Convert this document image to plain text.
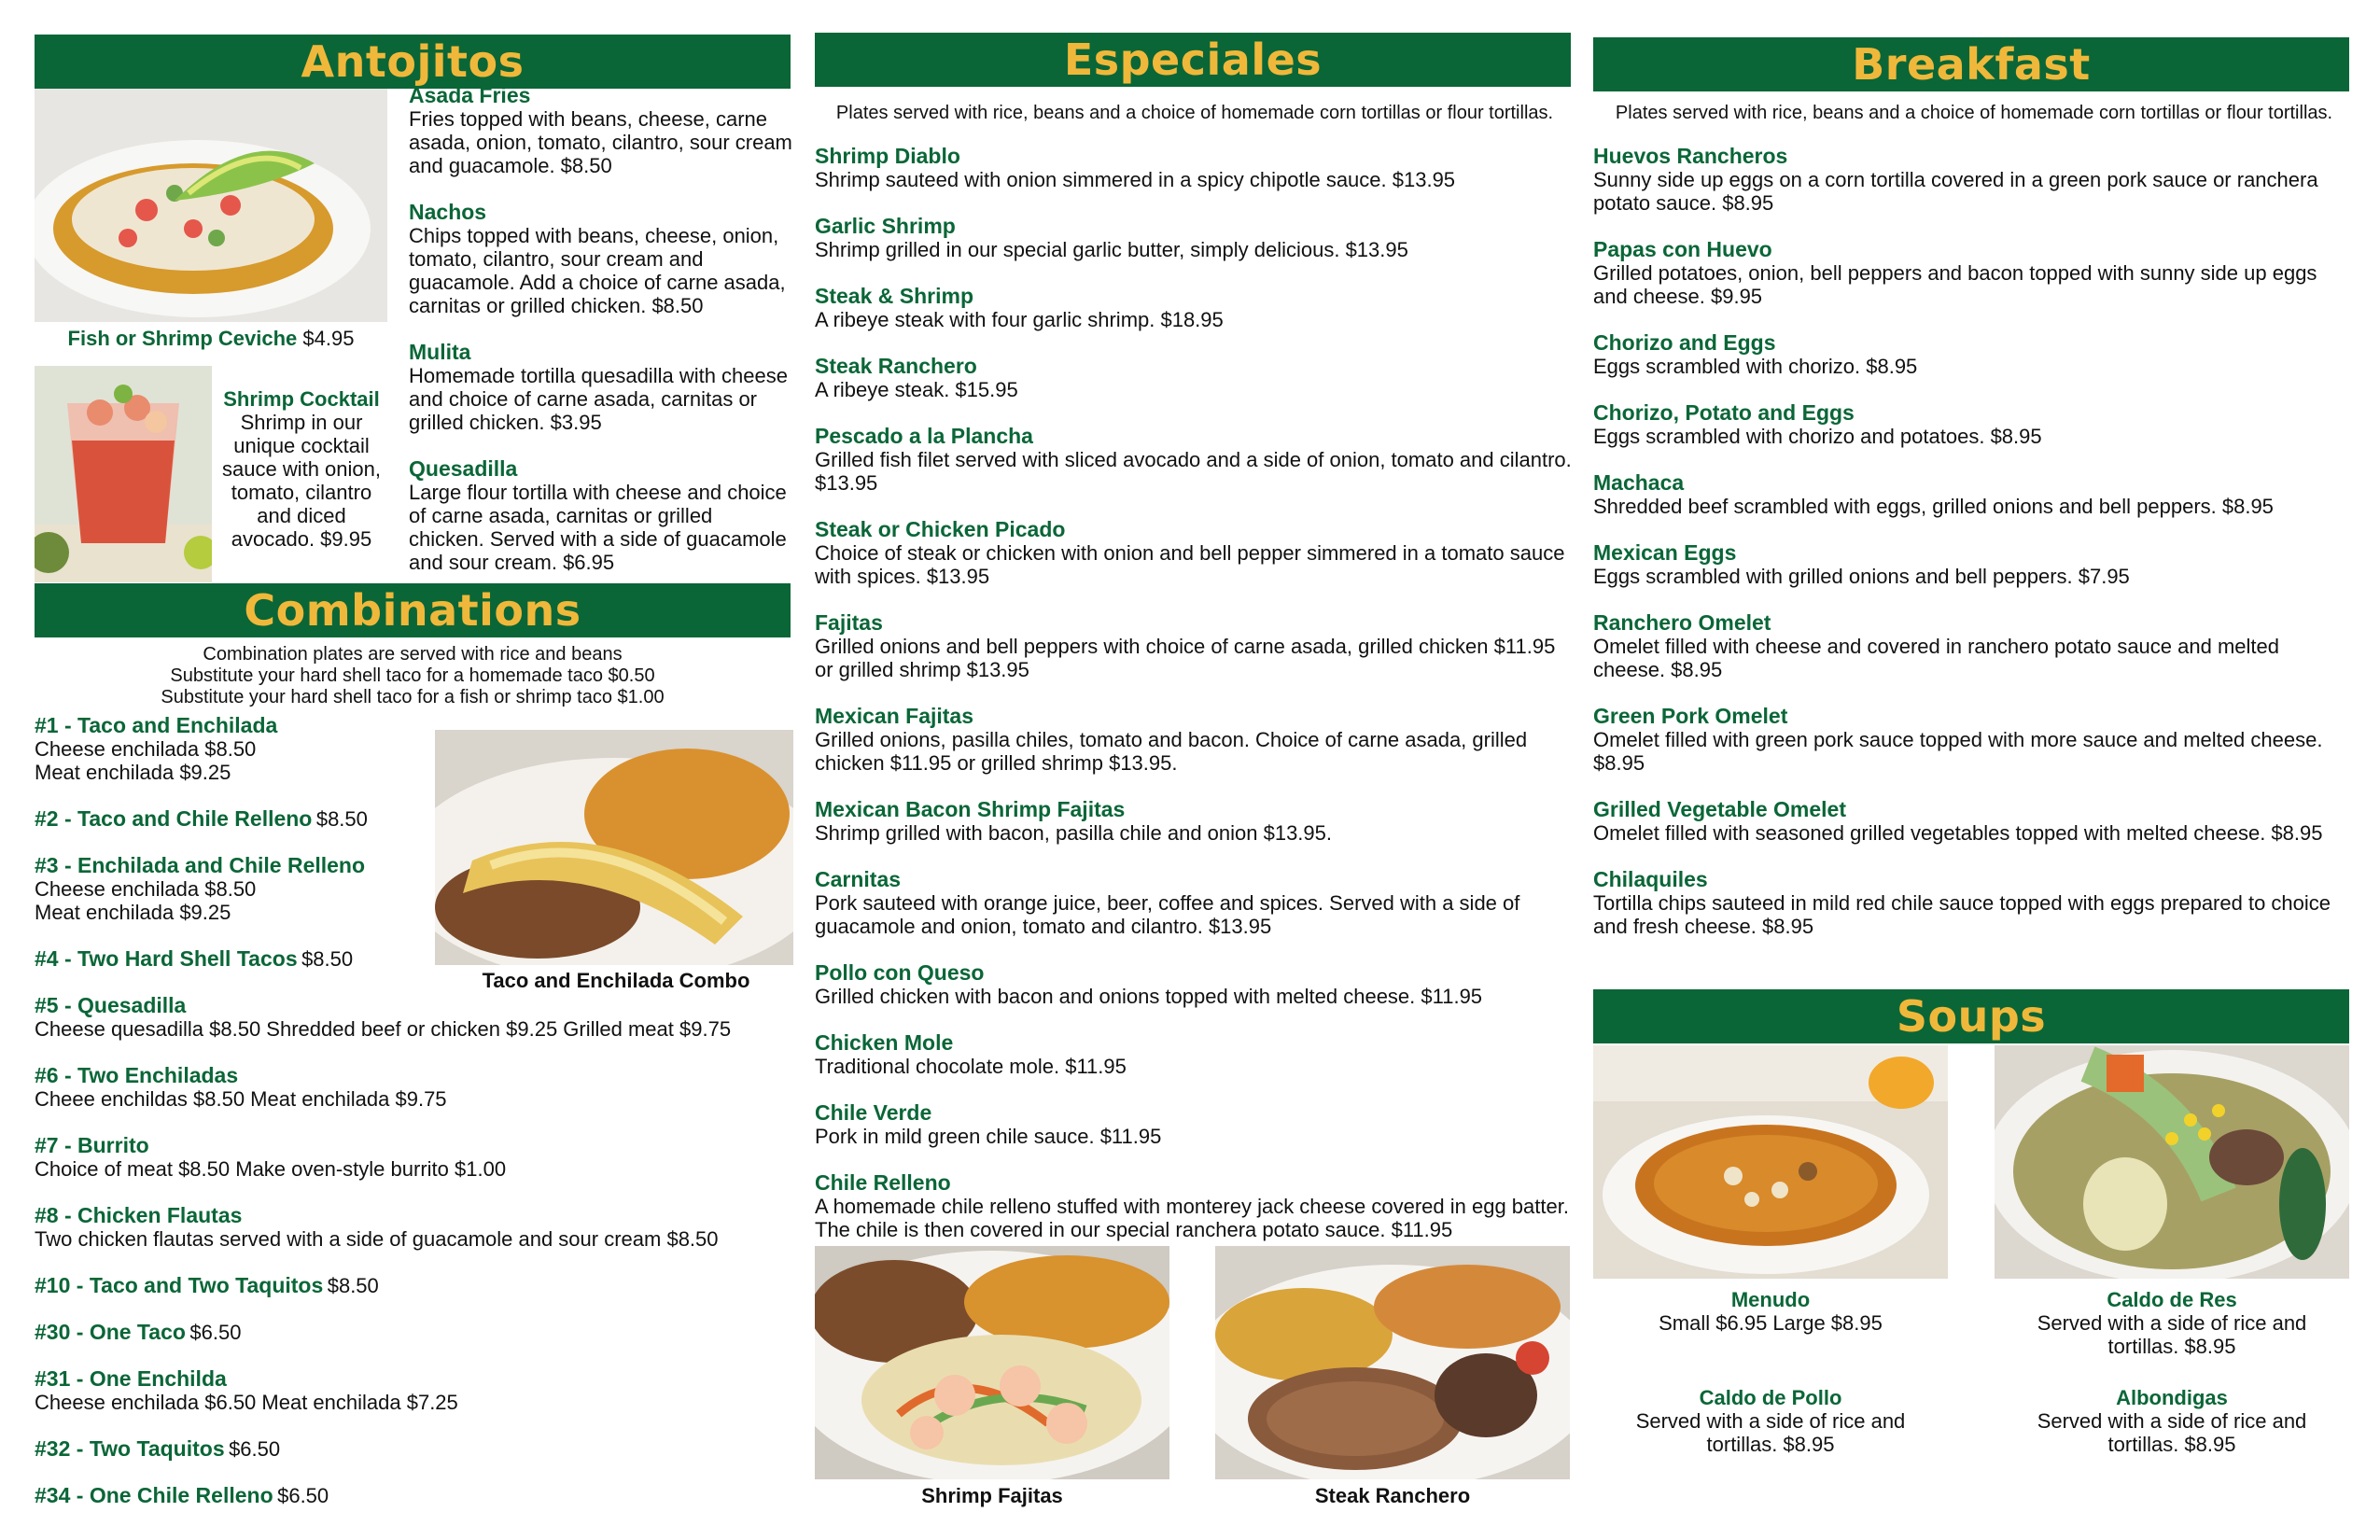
Antojitos
Fish or Shrimp Ceviche $4.95
Shrimp Cocktail
Shrimp in our unique cocktail sauce with onion, tomato, cilantro and diced avocado. $9.95
Asada Fries
Fries topped with beans, cheese, carne asada, onion, tomato, cilantro, sour cream and guacamole. $8.50
Nachos
Chips topped with beans, cheese, onion, tomato, cilantro, sour cream and guacamole. Add a choice of carne asada, carnitas or grilled chicken. $8.50
Mulita
Homemade tortilla quesadilla with cheese and choice of carne asada, carnitas or grilled chicken. $3.95
Quesadilla
Large flour tortilla with cheese and choice of carne asada, carnitas or grilled chicken. Served with a side of guacamole and sour cream. $6.95
Combinations
Combination plates are served with rice and beans
Substitute your hard shell taco for a homemade taco $0.50
Substitute your hard shell taco for a fish or shrimp taco $1.00
Taco and Enchilada Combo
#1 - Taco and Enchilada
Cheese enchilada $8.50
Meat enchilada $9.25
#2 - Taco and Chile Relleno $8.50
#3 - Enchilada and Chile Relleno
Cheese enchilada $8.50
Meat enchilada $9.25
#4 - Two Hard Shell Tacos $8.50
#5 - Quesadilla
Cheese quesadilla $8.50 Shredded beef or chicken $9.25 Grilled meat $9.75
#6 - Two Enchiladas
Cheee enchildas $8.50 Meat enchilada $9.75
#7 - Burrito
Choice of meat $8.50 Make oven-style burrito $1.00
#8 - Chicken Flautas
Two chicken flautas served with a side of guacamole and sour cream $8.50
#10 - Taco and Two Taquitos $8.50
#30 - One Taco $6.50
#31 - One Enchilda
Cheese enchilada $6.50 Meat enchilada $7.25
#32 - Two Taquitos $6.50
#34 - One Chile Relleno $6.50
Especiales
Plates served with rice, beans and a choice of homemade corn tortillas or flour tortillas.
Shrimp Diablo
Shrimp sauteed with onion simmered in a spicy chipotle sauce. $13.95
Garlic Shrimp
Shrimp grilled in our special garlic butter, simply delicious. $13.95
Steak & Shrimp
A ribeye steak with four garlic shrimp. $18.95
Steak Ranchero
A ribeye steak. $15.95
Pescado a la Plancha
Grilled fish filet served with sliced avocado and a side of onion, tomato and cilantro. $13.95
Steak or Chicken Picado
Choice of steak or chicken with onion and bell pepper simmered in a tomato sauce with spices. $13.95
Fajitas
Grilled onions and bell peppers with choice of carne asada, grilled chicken $11.95 or grilled shrimp $13.95
Mexican Fajitas
Grilled onions, pasilla chiles, tomato and bacon. Choice of carne asada, grilled chicken $11.95 or grilled shrimp $13.95.
Mexican Bacon Shrimp Fajitas
Shrimp grilled with bacon, pasilla chile and onion $13.95.
Carnitas
Pork sauteed with orange juice, beer, coffee and spices. Served with a side of guacamole and onion, tomato and cilantro. $13.95
Pollo con Queso
Grilled chicken with bacon and onions topped with melted cheese. $11.95
Chicken Mole
Traditional chocolate mole. $11.95
Chile Verde
Pork in mild green chile sauce. $11.95
Chile Relleno
A homemade chile relleno stuffed with monterey jack cheese covered in egg batter. The chile is then covered in our special ranchera potato sauce. $11.95
Shrimp Fajitas	Steak Ranchero
Breakfast
Plates served with rice, beans and a choice of homemade corn tortillas or flour tortillas.
Huevos Rancheros
Sunny side up eggs on a corn tortilla covered in a green pork sauce or ranchera potato sauce. $8.95
Papas con Huevo
Grilled potatoes, onion, bell peppers and bacon topped with sunny side up eggs and cheese. $9.95
Chorizo and Eggs
Eggs scrambled with chorizo. $8.95
Chorizo, Potato and Eggs
Eggs scrambled with chorizo and potatoes. $8.95
Machaca
Shredded beef scrambled with eggs, grilled onions and bell peppers. $8.95
Mexican Eggs
Eggs scrambled with grilled onions and bell peppers. $7.95
Ranchero Omelet
Omelet filled with cheese and covered in ranchero potato sauce and melted cheese. $8.95
Green Pork Omelet
Omelet filled with green pork sauce topped with more sauce and melted cheese. $8.95
Grilled Vegetable Omelet
Omelet filled with seasoned grilled vegetables topped with melted cheese. $8.95
Chilaquiles
Tortilla chips sauteed in mild red chile sauce topped with eggs prepared to choice and fresh cheese. $8.95
Soups
Menudo
Small $6.95 Large $8.95
Caldo de Res
Served with a side of rice and tortillas. $8.95
Caldo de Pollo
Served with a side of rice and tortillas. $8.95
Albondigas
Served with a side of rice and tortillas. $8.95
